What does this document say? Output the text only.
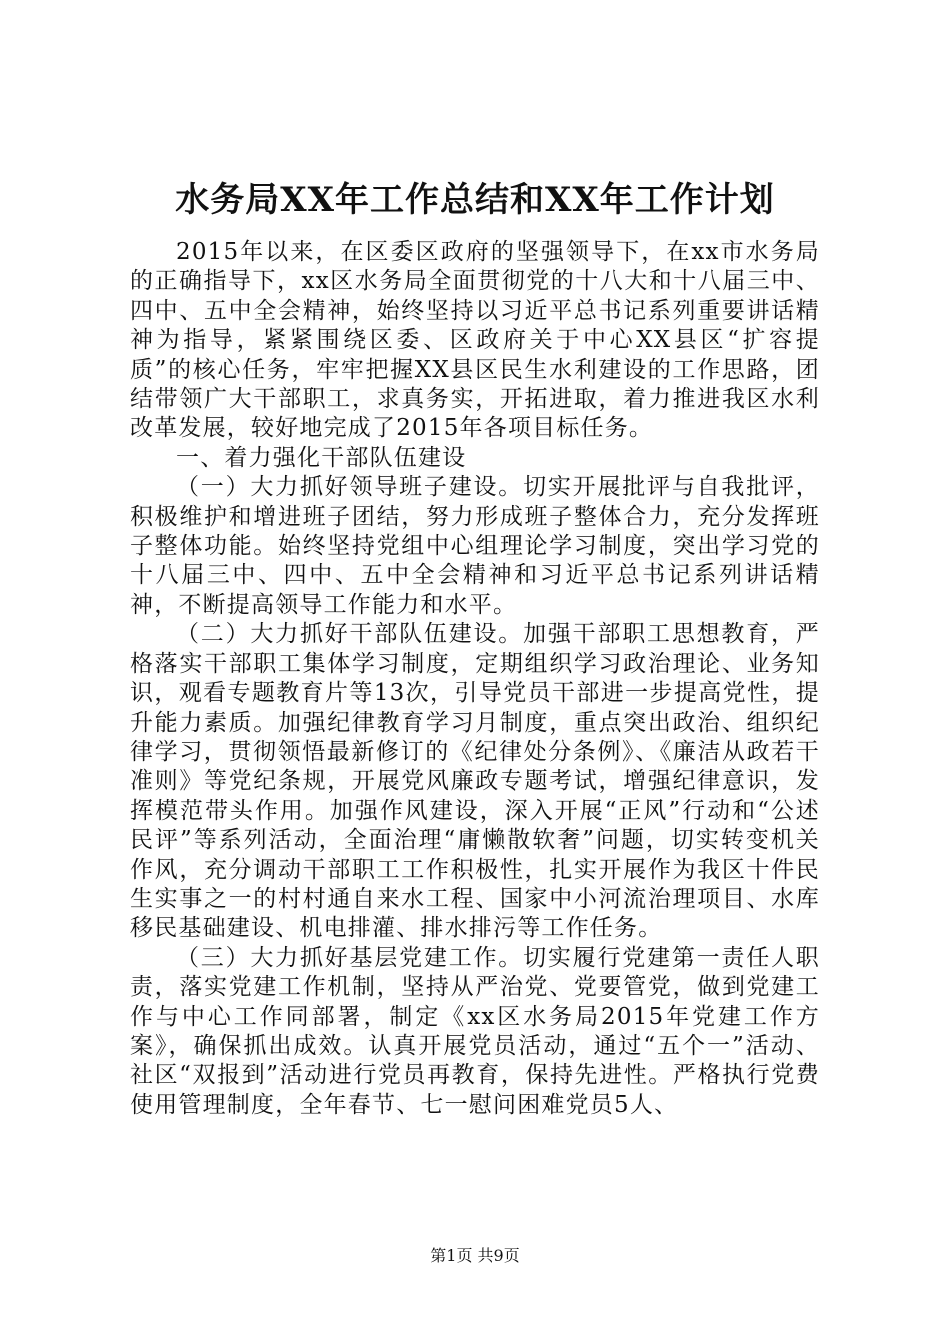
水务局XX年工作总结和XX年工作计划

2015年以来，在区委区政府的坚强领导下，在xx市水务局的正确指导下，xx区水务局全面贯彻党的十八大和十八届三中、四中、五中全会精神，始终坚持以习近平总书记系列重要讲话精神为指导，紧紧围绕区委、区政府关于中心XX县区“扩容提质”的核心任务，牢牢把握XX县区民生水利建设的工作思路，团结带领广大干部职工，求真务实，开拓进取，着力推进我区水利改革发展，较好地完成了2015年各项目标任务。

一、着力强化干部队伍建设

（一）大力抓好领导班子建设。切实开展批评与自我批评，积极维护和增进班子团结，努力形成班子整体合力，充分发挥班子整体功能。始终坚持党组中心组理论学习制度，突出学习党的十八届三中、四中、五中全会精神和习近平总书记系列讲话精神，不断提高领导工作能力和水平。

（二）大力抓好干部队伍建设。加强干部职工思想教育，严格落实干部职工集体学习制度，定期组织学习政治理论、业务知识，观看专题教育片等13次，引导党员干部进一步提高党性，提升能力素质。加强纪律教育学习月制度，重点突出政治、组织纪律学习，贯彻领悟最新修订的《纪律处分条例》、《廉洁从政若干准则》等党纪条规，开展党风廉政专题考试，增强纪律意识，发挥模范带头作用。加强作风建设，深入开展“正风”行动和“公述民评”等系列活动，全面治理“庸懒散软奢”问题，切实转变机关作风，充分调动干部职工工作积极性，扎实开展作为我区十件民生实事之一的村村通自来水工程、国家中小河流治理项目、水库移民基础建设、机电排灌、排水排污等工作任务。

（三）大力抓好基层党建工作。切实履行党建第一责任人职责，落实党建工作机制，坚持从严治党、党要管党，做到党建工作与中心工作同部署，制定《xx区水务局2015年党建工作方案》，确保抓出成效。认真开展党员活动，通过“五个一”活动、社区“双报到”活动进行党员再教育，保持先进性。严格执行党费使用管理制度，全年春节、七一慰问困难党员5人、

第1页 共9页
